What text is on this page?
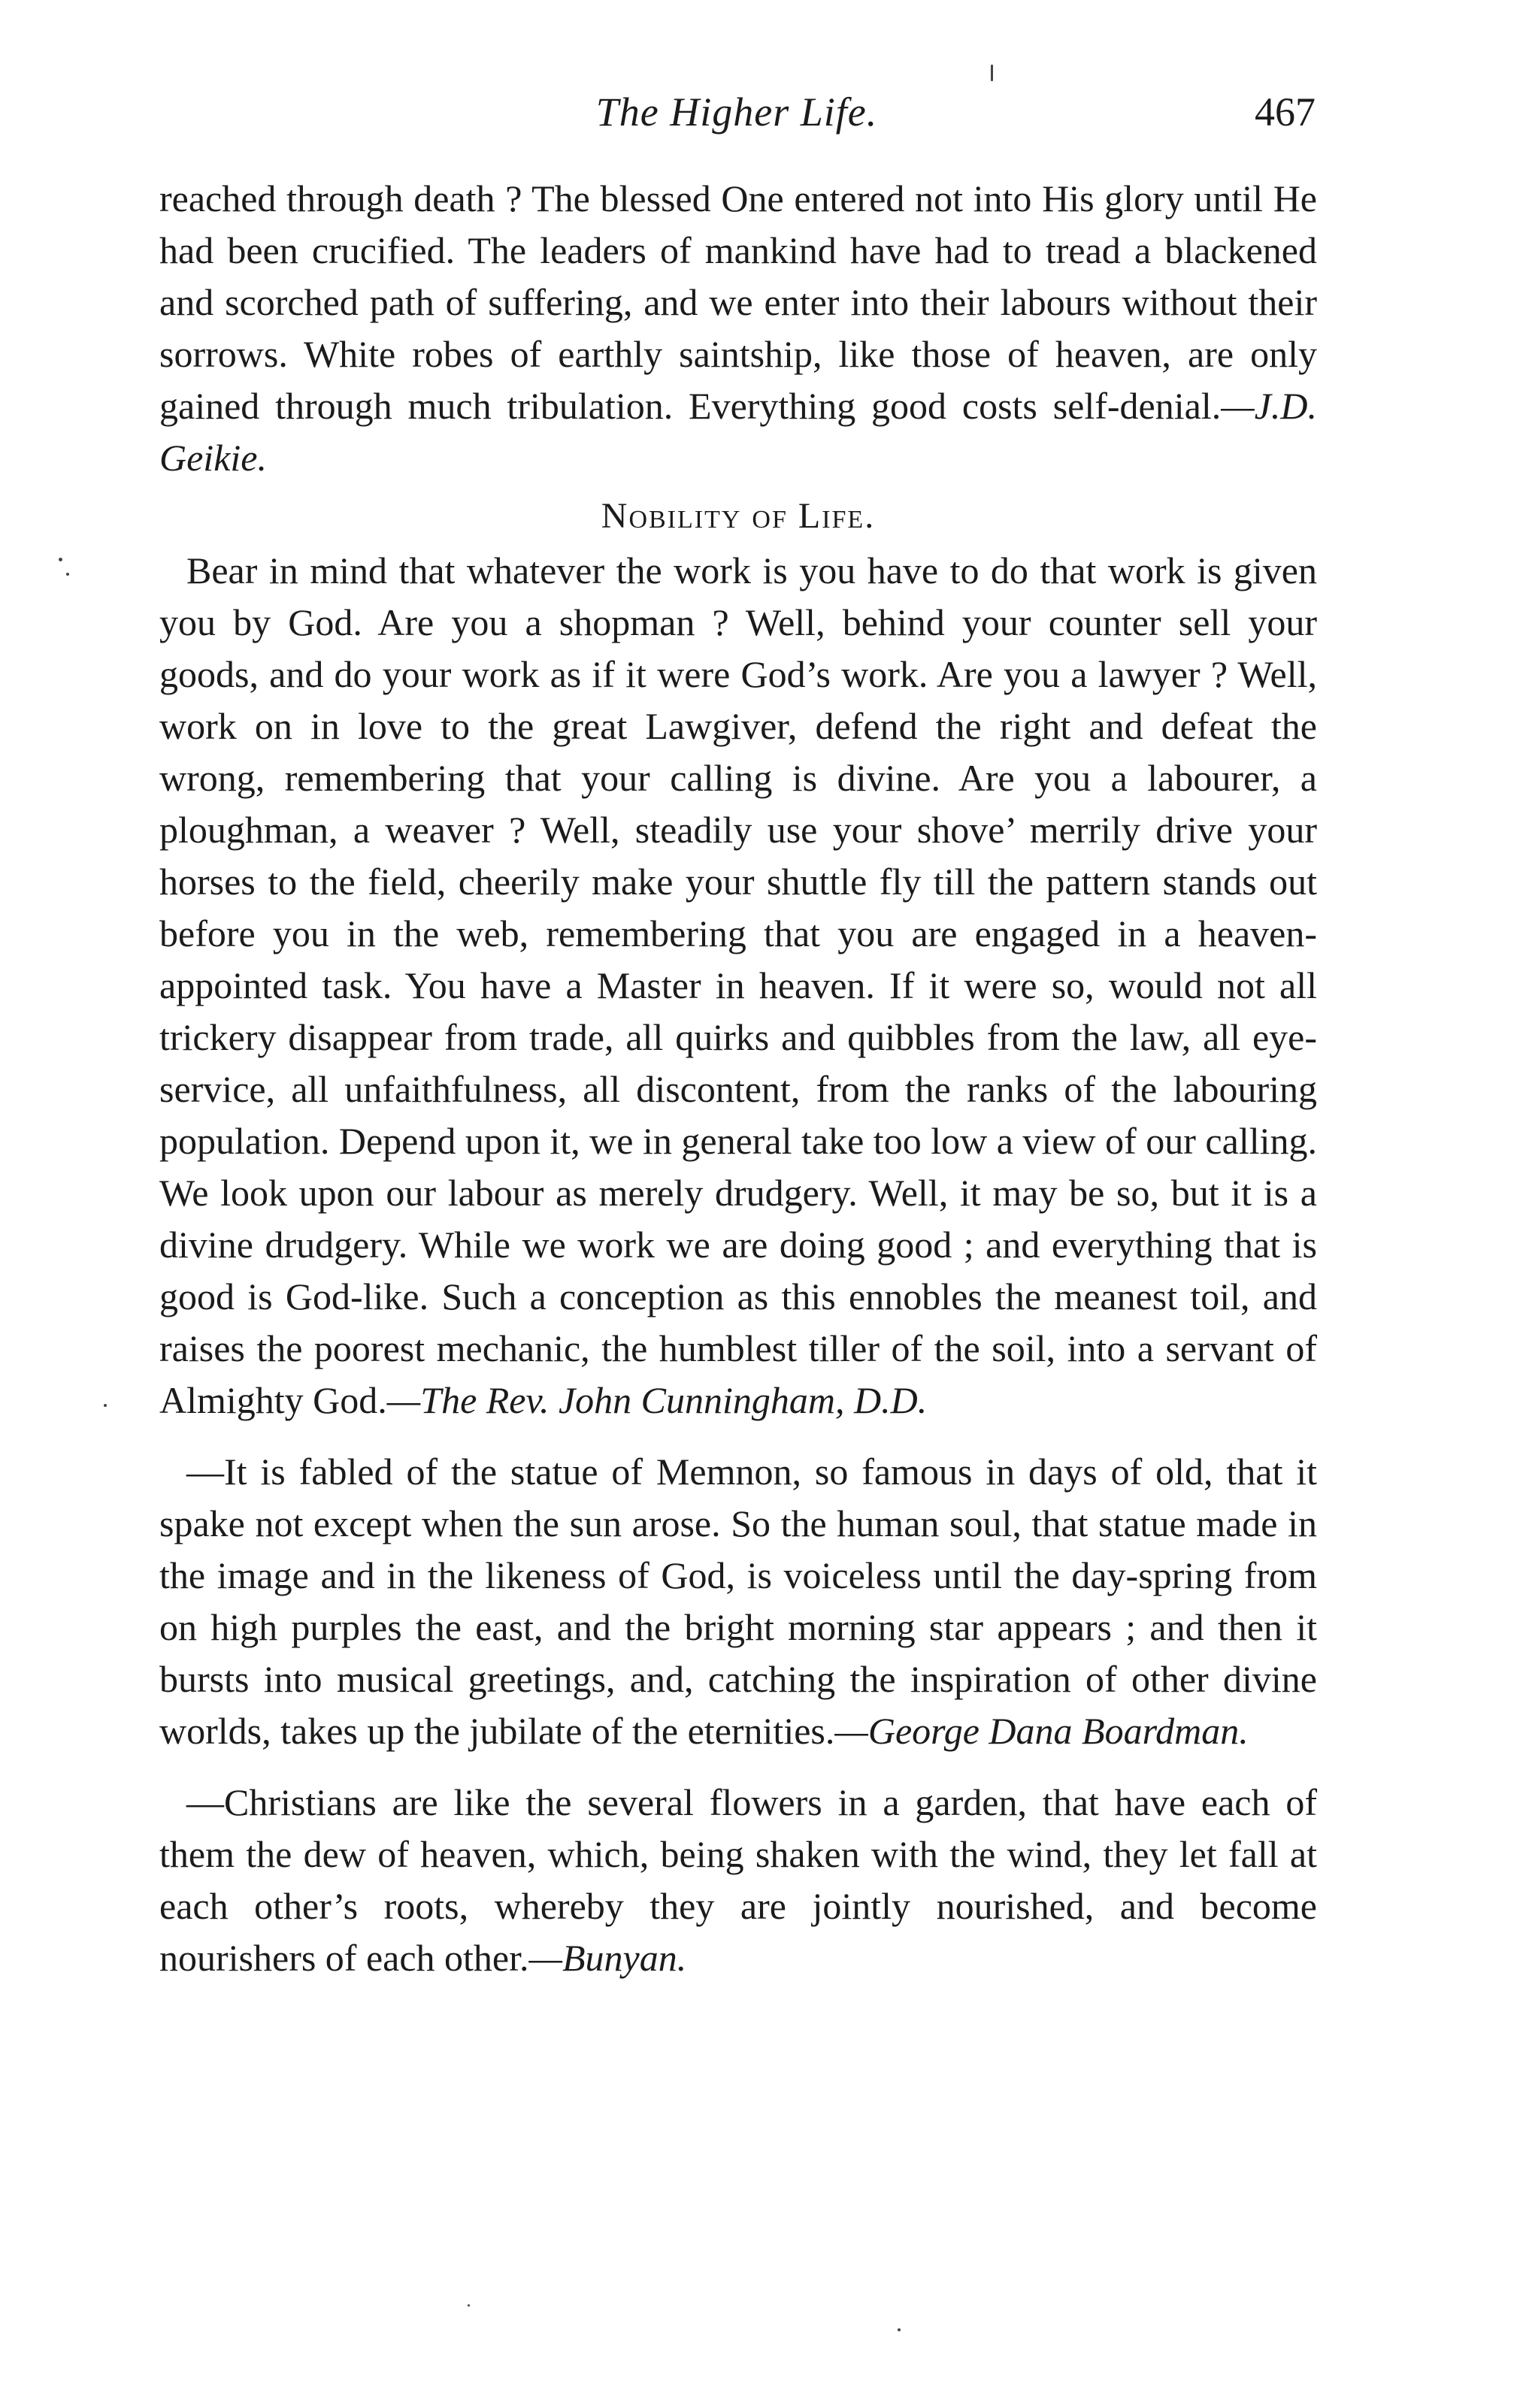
The Higher Life.	467

reached through death ? The blessed One entered not into His glory until He had been crucified. The leaders of mankind have had to tread a blackened and scorched path of suffering, and we enter into their labours without their sorrows. White robes of earthly saintship, like those of heaven, are only gained through much tribulation. Everything good costs self-denial.—J.D. Geikie.

Nobility of Life.

Bear in mind that whatever the work is you have to do that work is given you by God. Are you a shopman ? Well, behind your counter sell your goods, and do your work as if it were God’s work. Are you a lawyer ? Well, work on in love to the great Lawgiver, defend the right and defeat the wrong, remembering that your calling is divine. Are you a labourer, a ploughman, a weaver ? Well, steadily use your shove’ merrily drive your horses to the field, cheerily make your shuttle fly till the pattern stands out before you in the web, remembering that you are engaged in a heaven-appointed task. You have a Master in heaven. If it were so, would not all trickery disappear from trade, all quirks and quibbles from the law, all eye-service, all unfaithfulness, all discontent, from the ranks of the labouring population. Depend upon it, we in general take too low a view of our calling. We look upon our labour as merely drudgery. Well, it may be so, but it is a divine drudgery. While we work we are doing good ; and everything that is good is God-like. Such a conception as this ennobles the meanest toil, and raises the poorest mechanic, the humblest tiller of the soil, into a servant of Almighty God.—The Rev. John Cunningham, D.D.

—It is fabled of the statue of Memnon, so famous in days of old, that it spake not except when the sun arose. So the human soul, that statue made in the image and in the likeness of God, is voiceless until the day-spring from on high purples the east, and the bright morning star appears ; and then it bursts into musical greetings, and, catching the inspiration of other divine worlds, takes up the jubilate of the eternities.—George Dana Boardman.

—Christians are like the several flowers in a garden, that have each of them the dew of heaven, which, being shaken with the wind, they let fall at each other’s roots, whereby they are jointly nourished, and become nourishers of each other.—Bunyan.
